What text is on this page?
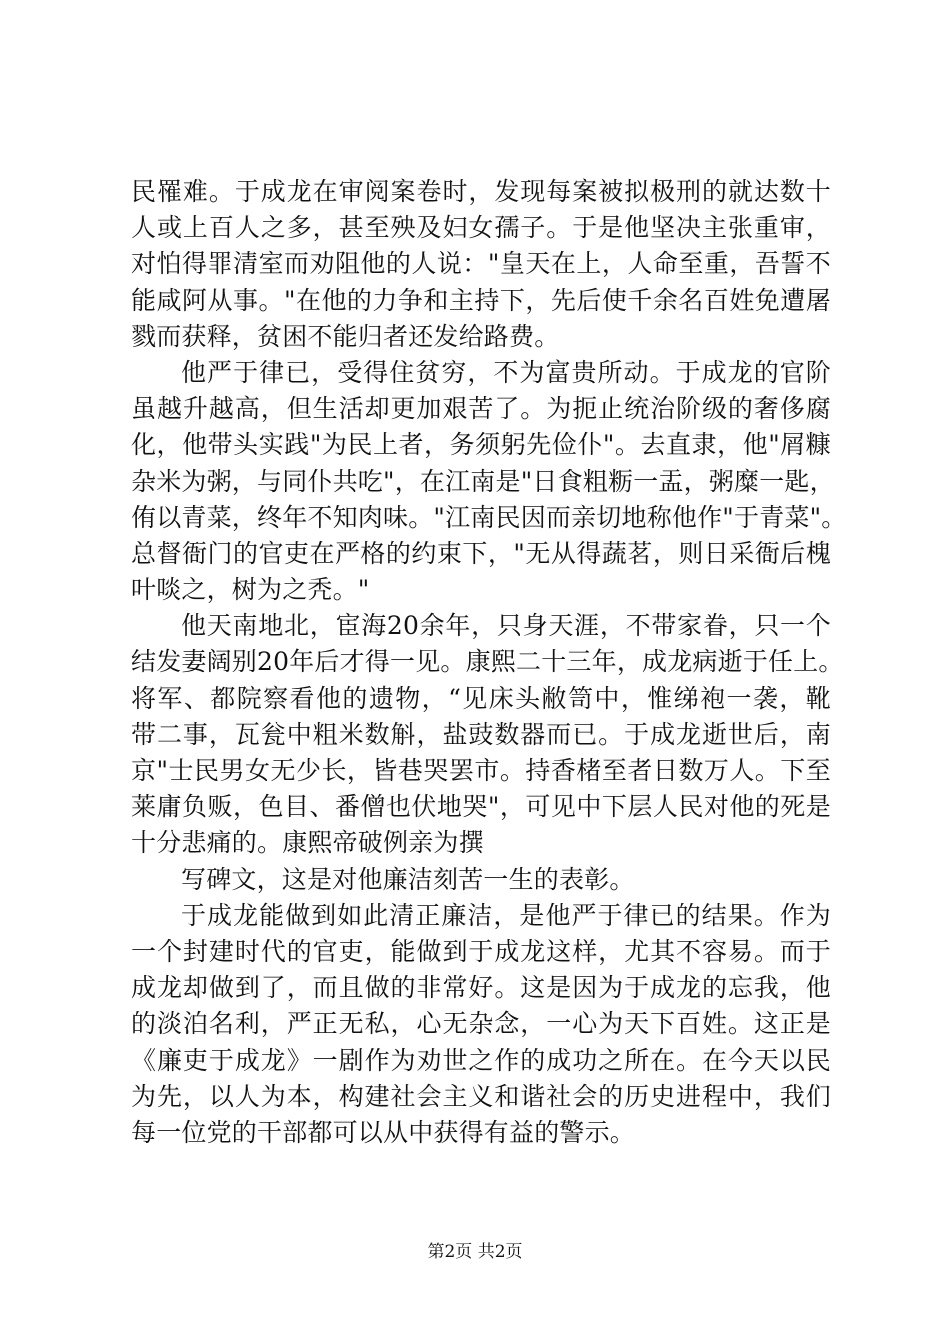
民罹难。于成龙在审阅案卷时，发现每案被拟极刑的就达数十
人或上百人之多，甚至殃及妇女孺子。于是他坚决主张重审，
对怕得罪清室而劝阻他的人说："皇天在上，人命至重，吾誓不
能咸阿从事。"在他的力争和主持下，先后使千余名百姓免遭屠
戮而获释，贫困不能归者还发给路费。
他严于律已，受得住贫穷，不为富贵所动。于成龙的官阶
虽越升越高，但生活却更加艰苦了。为扼止统治阶级的奢侈腐
化，他带头实践"为民上者，务须躬先俭仆"。去直隶，他"屑糠
杂米为粥，与同仆共吃"，在江南是"日食粗粝一盂，粥糜一匙，
侑以青菜，终年不知肉味。"江南民因而亲切地称他作"于青菜"。
总督衙门的官吏在严格的约束下，"无从得蔬茗，则日采衙后槐
叶啖之，树为之秃。"
他天南地北，宦海20余年，只身天涯，不带家眷，只一个
结发妻阔别20年后才得一见。康熙二十三年，成龙病逝于任上。
将军、都院察看他的遗物，“见床头敝笥中，惟绨袍一袭，靴
带二事，瓦瓮中粗米数斛，盐豉数器而已。于成龙逝世后，南
京"士民男女无少长，皆巷哭罢市。持香楮至者日数万人。下至
莱庸负贩，色目、番僧也伏地哭"，可见中下层人民对他的死是
十分悲痛的。康熙帝破例亲为撰
写碑文，这是对他廉洁刻苦一生的表彰。
于成龙能做到如此清正廉洁，是他严于律已的结果。作为
一个封建时代的官吏，能做到于成龙这样，尤其不容易。而于
成龙却做到了，而且做的非常好。这是因为于成龙的忘我，他
的淡泊名利，严正无私，心无杂念，一心为天下百姓。这正是
《廉吏于成龙》一剧作为劝世之作的成功之所在。在今天以民
为先，以人为本，构建社会主义和谐社会的历史进程中，我们
每一位党的干部都可以从中获得有益的警示。
第2页 共2页
